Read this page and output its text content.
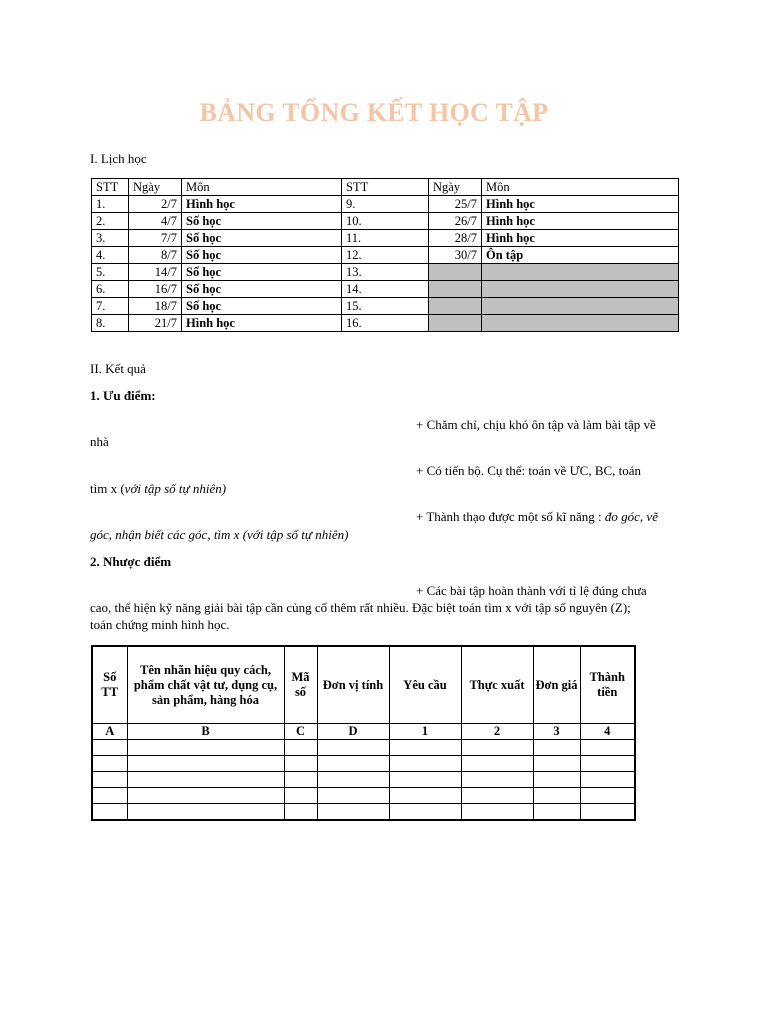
BẢNG TỔNG KẾT HỌC TẬP
I. Lịch học
STT	Ngày	Môn	STT	Ngày	Môn
1.	2/7	Hình học	9.	25/7	Hình học
2.	4/7	Số học	10.	26/7	Hình học
3.	7/7	Số học	11.	28/7	Hình học
4.	8/7	Số học	12.	30/7	Ôn tập
5.	14/7	Số học	13.		
6.	16/7	Số học	14.		
7.	18/7	Số học	15.		
8.	21/7	Hình học	16.		
II. Kết quả
1. Ưu điểm:
+ Chăm chỉ, chịu khó ôn tập và làm bài tập về
nhà
+ Có tiến bộ. Cụ thể: toán về ƯC, BC, toán
tìm x (với tập số tự nhiên)
+ Thành thạo được một số kĩ năng : đo góc, vẽ
góc, nhận biết các góc, tìm x (với tập số tự nhiên)
2. Nhược điểm
+ Các bài tập hoàn thành với tỉ lệ đúng chưa
cao, thể hiện kỹ năng giải bài tập cần củng cố thêm rất nhiều. Đặc biệt toán tìm x với tập số nguyên (Z);
toán chứng minh hình học.
Số TT	Tên nhãn hiệu quy cách, phẩm chất vật tư, dụng cụ, sản phẩm, hàng hóa	Mã số	Đơn vị tính	Yêu cầu	Thực xuất	Đơn giá	Thành tiền
A	B	C	D	1	2	3	4
